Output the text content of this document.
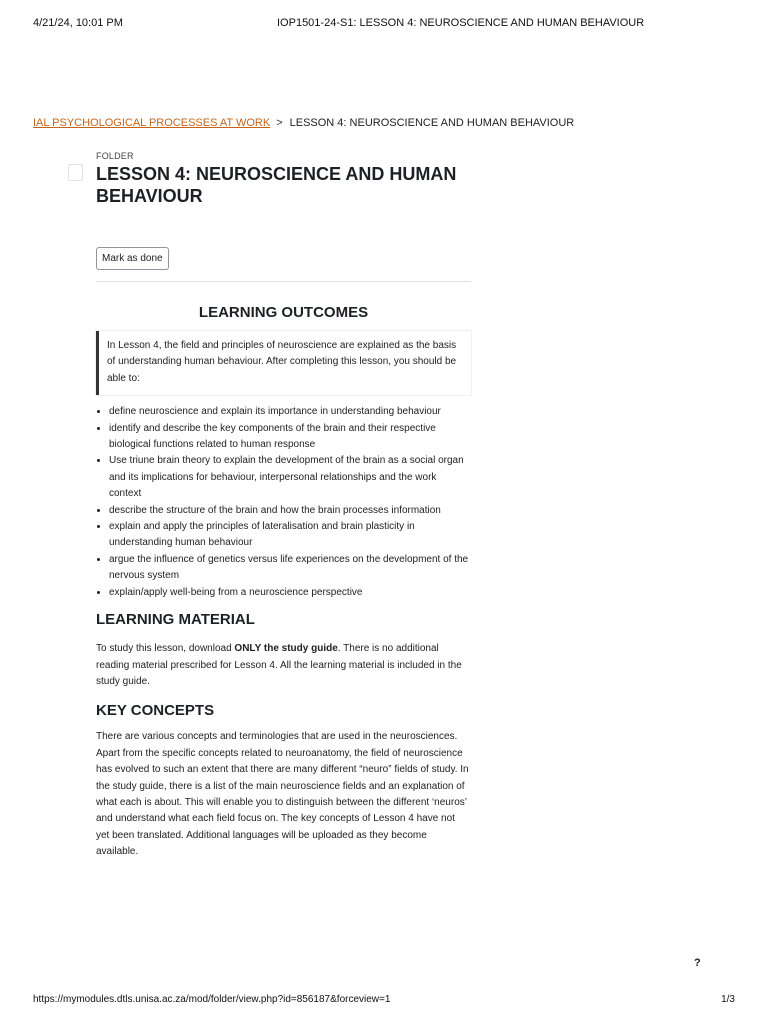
4/21/24, 10:01 PM	IOP1501-24-S1: LESSON 4: NEUROSCIENCE AND HUMAN BEHAVIOUR
IAL PSYCHOLOGICAL PROCESSES AT WORK > LESSON 4: NEUROSCIENCE AND HUMAN BEHAVIOUR

FOLDER

LESSON 4: NEUROSCIENCE AND HUMAN BEHAVIOUR
Mark as done
LEARNING OUTCOMES
In Lesson 4, the field and principles of neuroscience are explained as the basis of understanding human behaviour. After completing this lesson, you should be able to:
• define neuroscience and explain its importance in understanding behaviour
• identify and describe the key components of the brain and their respective biological functions related to human response
• Use triune brain theory to explain the development of the brain as a social organ and its implications for behaviour, interpersonal relationships and the work context
• describe the structure of the brain and how the brain processes information
• explain and apply the principles of lateralisation and brain plasticity in understanding human behaviour
• argue the influence of genetics versus life experiences on the development of the nervous system
• explain/apply well-being from a neuroscience perspective
LEARNING MATERIAL

To study this lesson, download ONLY the study guide. There is no additional reading material prescribed for Lesson 4. All the learning material is included in the study guide.

KEY CONCEPTS

There are various concepts and terminologies that are used in the neurosciences. Apart from the specific concepts related to neuroanatomy, the field of neuroscience has evolved to such an extent that there are many different “neuro” fields of study. In the study guide, there is a list of the main neuroscience fields and an explanation of what each is about. This will enable you to distinguish between the different ‘neuros’ and understand what each field focus on. The key concepts of Lesson 4 have not yet been translated. Additional languages will be uploaded as they become available.

?
https://mymodules.dtls.unisa.ac.za/mod/folder/view.php?id=856187&forceview=1	1/3
